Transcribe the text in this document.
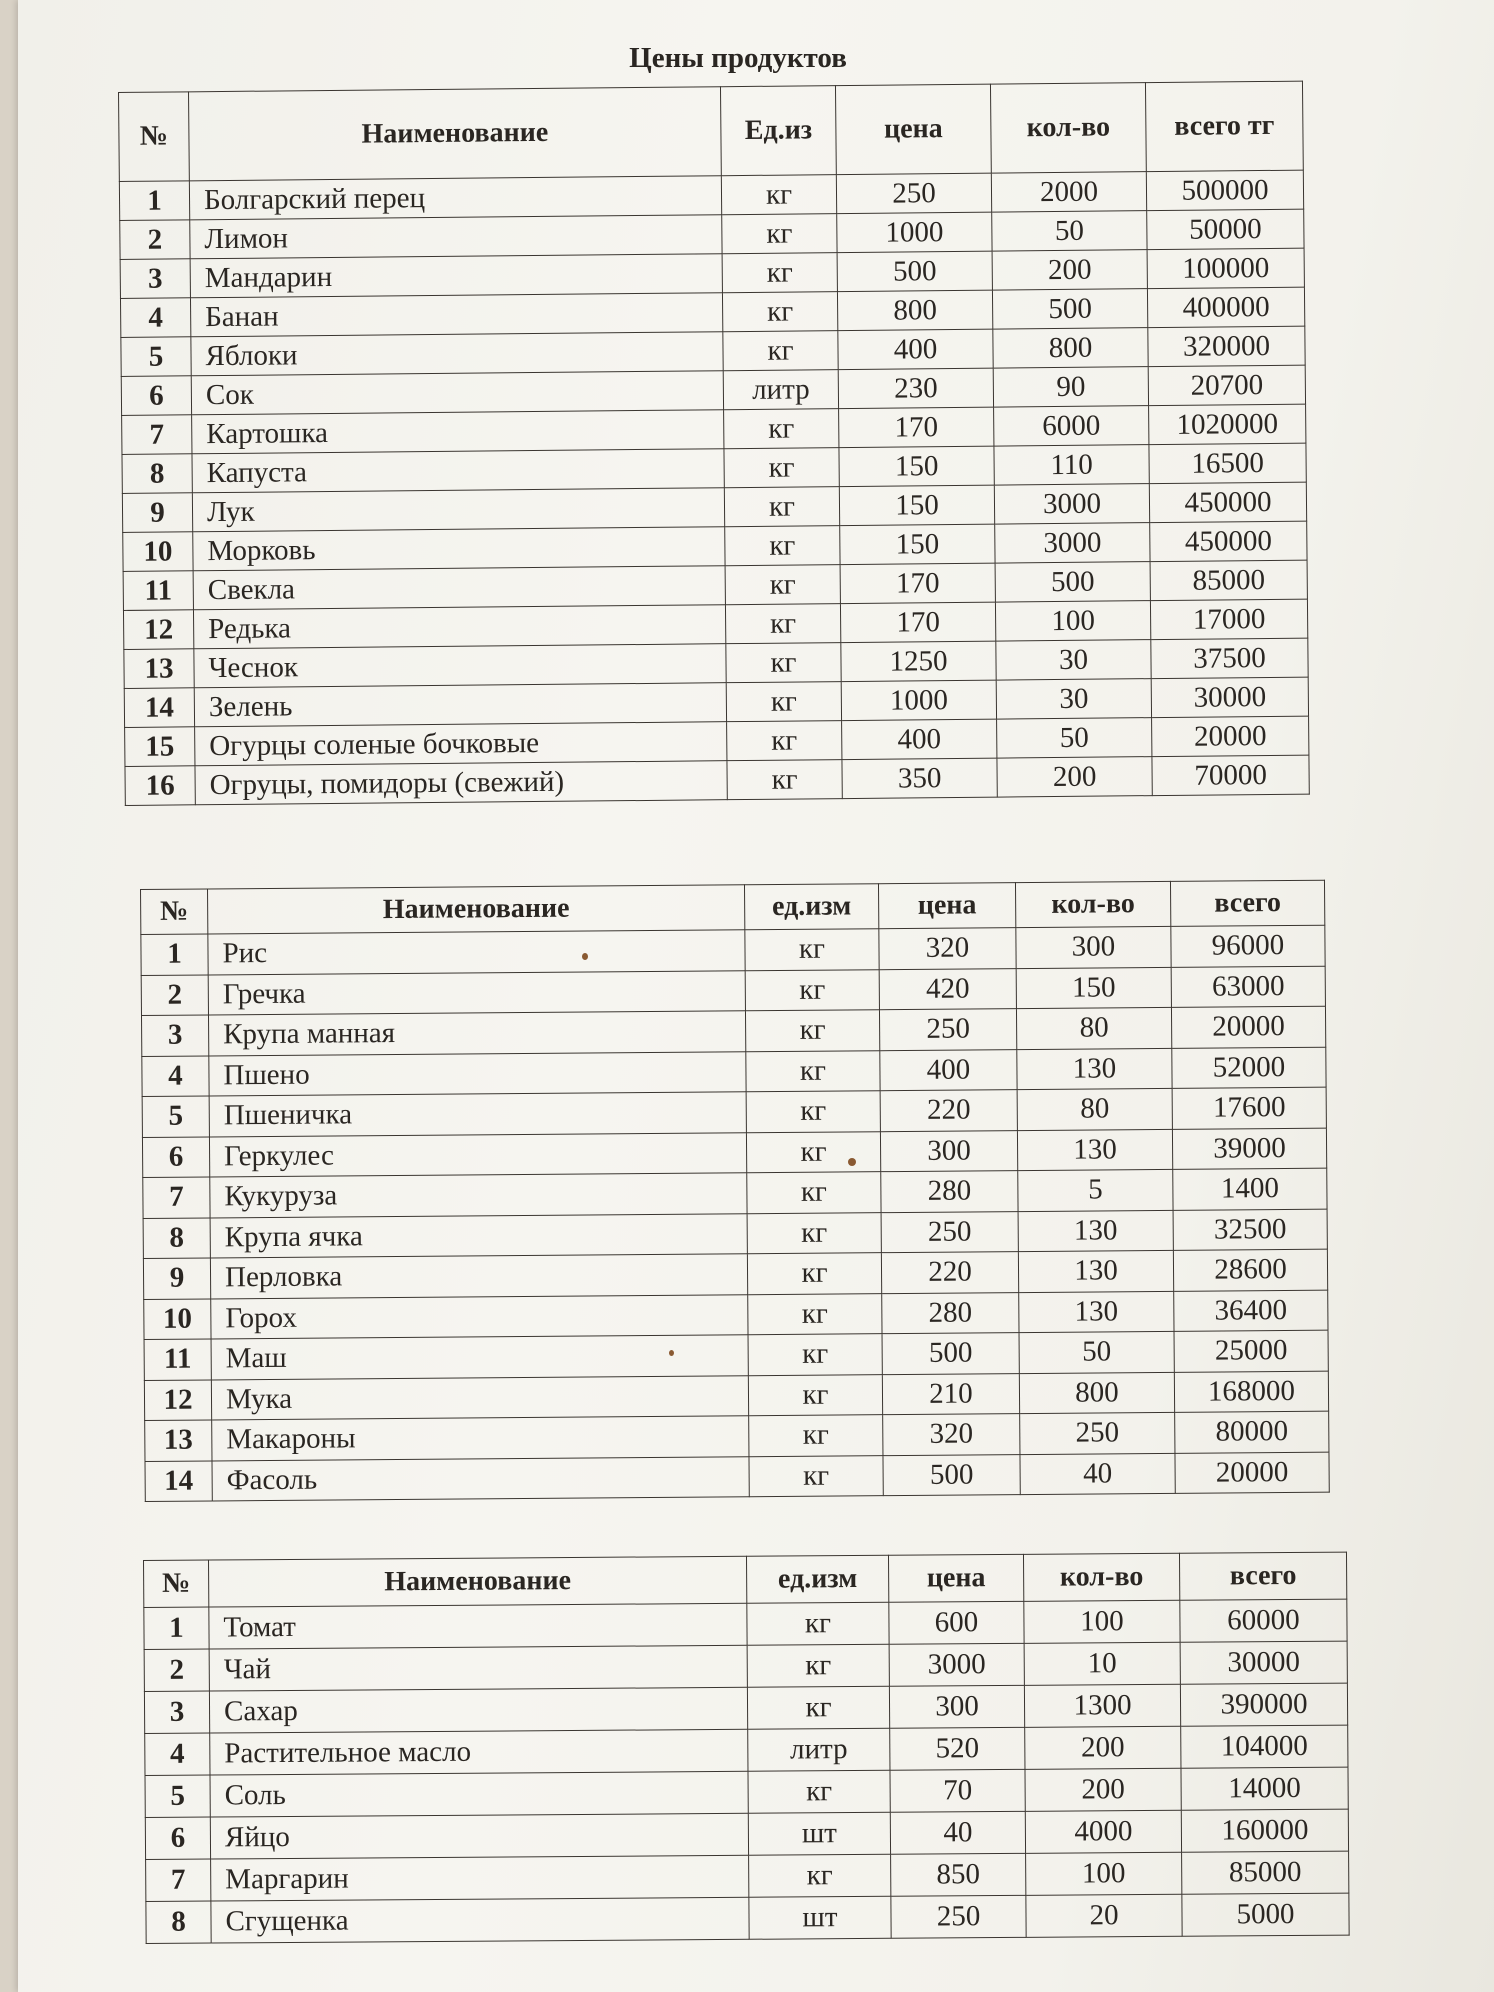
Цены продуктов
№	Наименование	Ед.из	цена	кол-во	всего тг
1	Болгарский перец	кг	250	2000	500000
2	Лимон	кг	1000	50	50000
3	Мандарин	кг	500	200	100000
4	Банан	кг	800	500	400000
5	Яблоки	кг	400	800	320000
6	Сок	литр	230	90	20700
7	Картошка	кг	170	6000	1020000
8	Капуста	кг	150	110	16500
9	Лук	кг	150	3000	450000
10	Морковь	кг	150	3000	450000
11	Свекла	кг	170	500	85000
12	Редька	кг	170	100	17000
13	Чеснок	кг	1250	30	37500
14	Зелень	кг	1000	30	30000
15	Огурцы соленые бочковые	кг	400	50	20000
16	Огруцы, помидоры (свежий)	кг	350	200	70000
№	Наименование	ед.изм	цена	кол-во	всего
1	Рис	кг	320	300	96000
2	Гречка	кг	420	150	63000
3	Крупа манная	кг	250	80	20000
4	Пшено	кг	400	130	52000
5	Пшеничка	кг	220	80	17600
6	Геркулес	кг	300	130	39000
7	Кукуруза	кг	280	5	1400
8	Крупа ячка	кг	250	130	32500
9	Перловка	кг	220	130	28600
10	Горох	кг	280	130	36400
11	Маш	кг	500	50	25000
12	Мука	кг	210	800	168000
13	Макароны	кг	320	250	80000
14	Фасоль	кг	500	40	20000
№	Наименование	ед.изм	цена	кол-во	всего
1	Томат	кг	600	100	60000
2	Чай	кг	3000	10	30000
3	Сахар	кг	300	1300	390000
4	Растительное масло	литр	520	200	104000
5	Соль	кг	70	200	14000
6	Яйцо	шт	40	4000	160000
7	Маргарин	кг	850	100	85000
8	Сгущенка	шт	250	20	5000
